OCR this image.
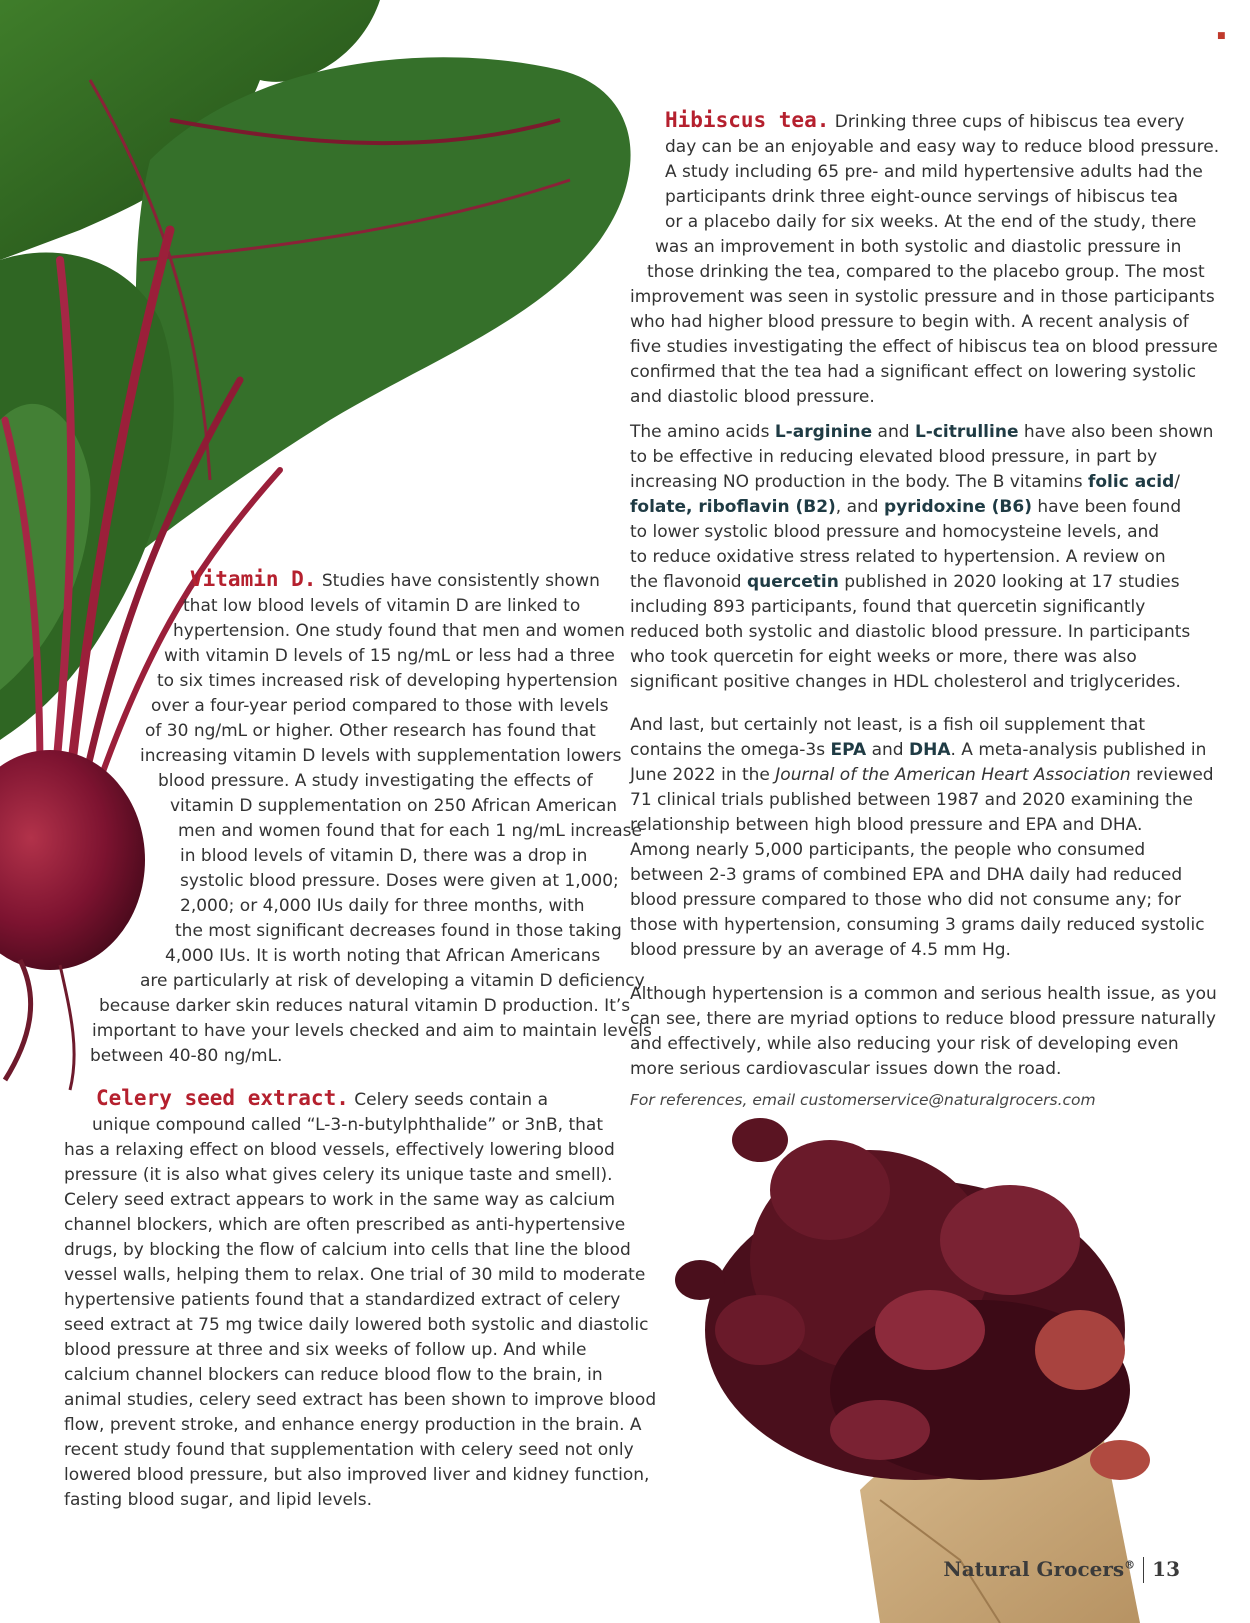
■
Hibiscus tea. Drinking three cups of hibiscus tea every
day can be an enjoyable and easy way to reduce blood pressure.
A study including 65 pre- and mild hypertensive adults had the
participants drink three eight-ounce servings of hibiscus tea
or a placebo daily for six weeks. At the end of the study, there
was an improvement in both systolic and diastolic pressure in
those drinking the tea, compared to the placebo group. The most
improvement was seen in systolic pressure and in those participants
who had higher blood pressure to begin with. A recent analysis of
five studies investigating the effect of hibiscus tea on blood pressure
confirmed that the tea had a significant effect on lowering systolic
and diastolic blood pressure.
The amino acids L-arginine and L-citrulline have also been shown
to be effective in reducing elevated blood pressure, in part by
increasing NO production in the body. The B vitamins folic acid/
folate, riboflavin (B2), and pyridoxine (B6) have been found
to lower systolic blood pressure and homocysteine levels, and
to reduce oxidative stress related to hypertension. A review on
the flavonoid quercetin published in 2020 looking at 17 studies
including 893 participants, found that quercetin significantly
reduced both systolic and diastolic blood pressure. In participants
who took quercetin for eight weeks or more, there was also
significant positive changes in HDL cholesterol and triglycerides.
And last, but certainly not least, is a fish oil supplement that
contains the omega-3s EPA and DHA. A meta-analysis published in
June 2022 in the Journal of the American Heart Association reviewed
71 clinical trials published between 1987 and 2020 examining the
relationship between high blood pressure and EPA and DHA.
Among nearly 5,000 participants, the people who consumed
between 2-3 grams of combined EPA and DHA daily had reduced
blood pressure compared to those who did not consume any; for
those with hypertension, consuming 3 grams daily reduced systolic
blood pressure by an average of 4.5 mm Hg.
Although hypertension is a common and serious health issue, as you
can see, there are myriad options to reduce blood pressure naturally
and effectively, while also reducing your risk of developing even
more serious cardiovascular issues down the road.
For references, email customerservice@naturalgrocers.com
Vitamin D. Studies have consistently shown
that low blood levels of vitamin D are linked to
hypertension. One study found that men and women
with vitamin D levels of 15 ng/mL or less had a three
to six times increased risk of developing hypertension
over a four-year period compared to those with levels
of 30 ng/mL or higher. Other research has found that
increasing vitamin D levels with supplementation lowers
blood pressure. A study investigating the effects of
vitamin D supplementation on 250 African American
men and women found that for each 1 ng/mL increase
in blood levels of vitamin D, there was a drop in
systolic blood pressure. Doses were given at 1,000;
2,000; or 4,000 IUs daily for three months, with
the most significant decreases found in those taking
4,000 IUs. It is worth noting that African Americans
are particularly at risk of developing a vitamin D deficiency
because darker skin reduces natural vitamin D production. It’s
important to have your levels checked and aim to maintain levels
between 40-80 ng/mL.
Celery seed extract. Celery seeds contain a
unique compound called “L-3-n-butylphthalide” or 3nB, that
has a relaxing effect on blood vessels, effectively lowering blood
pressure (it is also what gives celery its unique taste and smell).
Celery seed extract appears to work in the same way as calcium
channel blockers, which are often prescribed as anti-hypertensive
drugs, by blocking the flow of calcium into cells that line the blood
vessel walls, helping them to relax. One trial of 30 mild to moderate
hypertensive patients found that a standardized extract of celery
seed extract at 75 mg twice daily lowered both systolic and diastolic
blood pressure at three and six weeks of follow up. And while
calcium channel blockers can reduce blood flow to the brain, in
animal studies, celery seed extract has been shown to improve blood
flow, prevent stroke, and enhance energy production in the brain. A
recent study found that supplementation with celery seed not only
lowered blood pressure, but also improved liver and kidney function,
fasting blood sugar, and lipid levels.
Natural Grocers® 13
